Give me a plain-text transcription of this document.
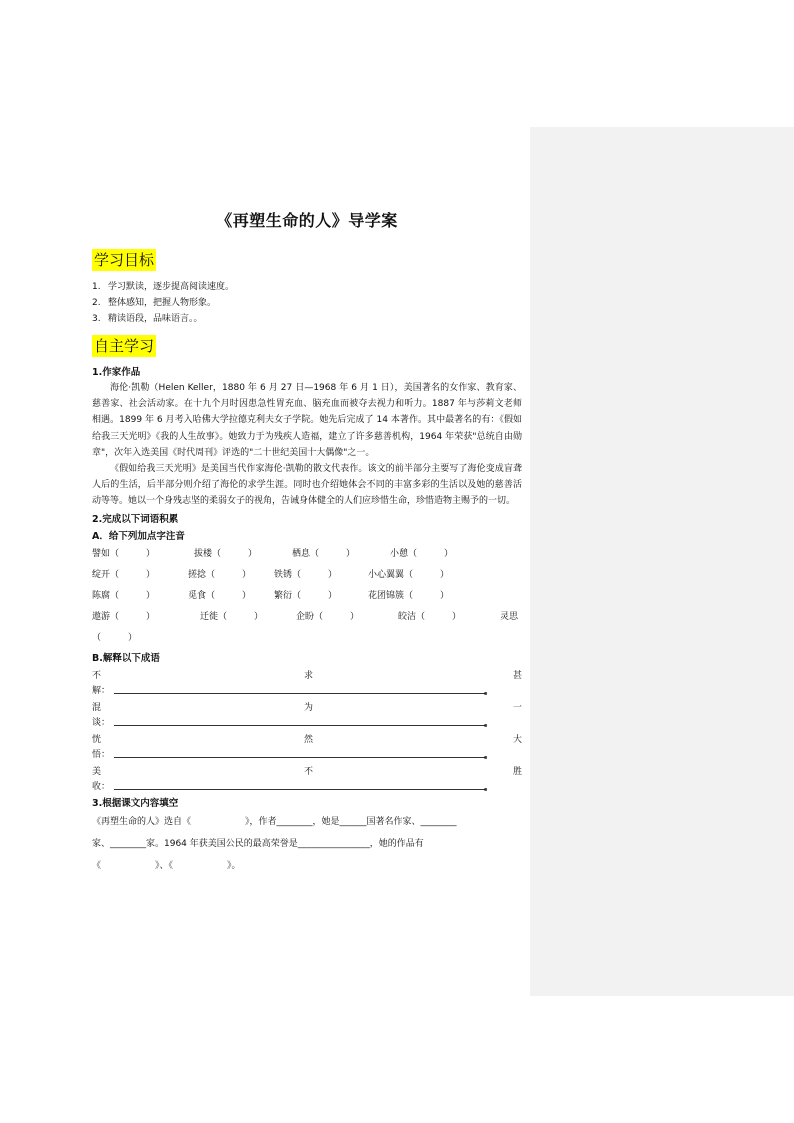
《再塑生命的人》导学案
学习目标
1. 学习默读，逐步提高阅读速度。
2. 整体感知，把握人物形象。
3. 精读语段，品味语言。。
自主学习
1.作家作品

海伦·凯勒（Helen Keller，1880 年 6 月 27 日—1968 年 6 月 1 日），美国著名的女作家、教育家、慈善家、社会活动家。在十九个月时因患急性胃充血、脑充血而被夺去视力和听力。1887 年与莎莉文老师相遇。1899 年 6 月考入哈佛大学拉德克利夫女子学院。她先后完成了 14 本著作。其中最著名的有：《假如给我三天光明》《我的人生故事》。她致力于为残疾人造福，建立了许多慈善机构，1964 年荣获"总统自由勋章"，次年入选美国《时代周刊》评选的"二十世纪美国十大偶像"之一。

《假如给我三天光明》是美国当代作家海伦·凯勒的散文代表作。该文的前半部分主要写了海伦变成盲聋人后的生活，后半部分则介绍了海伦的求学生涯。同时也介绍她体会不同的丰富多彩的生活以及她的慈善活动等等。她以一个身残志坚的柔弱女子的视角，告诫身体健全的人们应珍惜生命，珍惜造物主赐予的一切。

2.完成以下词语积累
A．给下列加点字注音
譬如（　　　）	拔楼（　　　）	栖息（　　　）	小憩（　　　）
绽开（　　　）	搓捻（　　　）	铁锈（　　　）	小心翼翼（　　　）
陈腐（　　　）	觅食（　　　）	繁衍（　　　）	花团锦簇（　　　）
遨游（　　　）	迁徙（　　　）	企盼（　　　）	皎洁（　　　）	灵思
（　　　）
B.解释以下成语
不	求	甚
解：	。
混	为	一
谈：	。
恍	然	大
悟：	。
美	不	胜
收：	。
3.根据课文内容填空

《再塑生命的人》选自《　　　　　　》，作者________，她是______国著名作家、________

家、________家。1964 年获美国公民的最高荣誉是________________，她的作品有

《　　　　　　》、《　　　　　　》。
